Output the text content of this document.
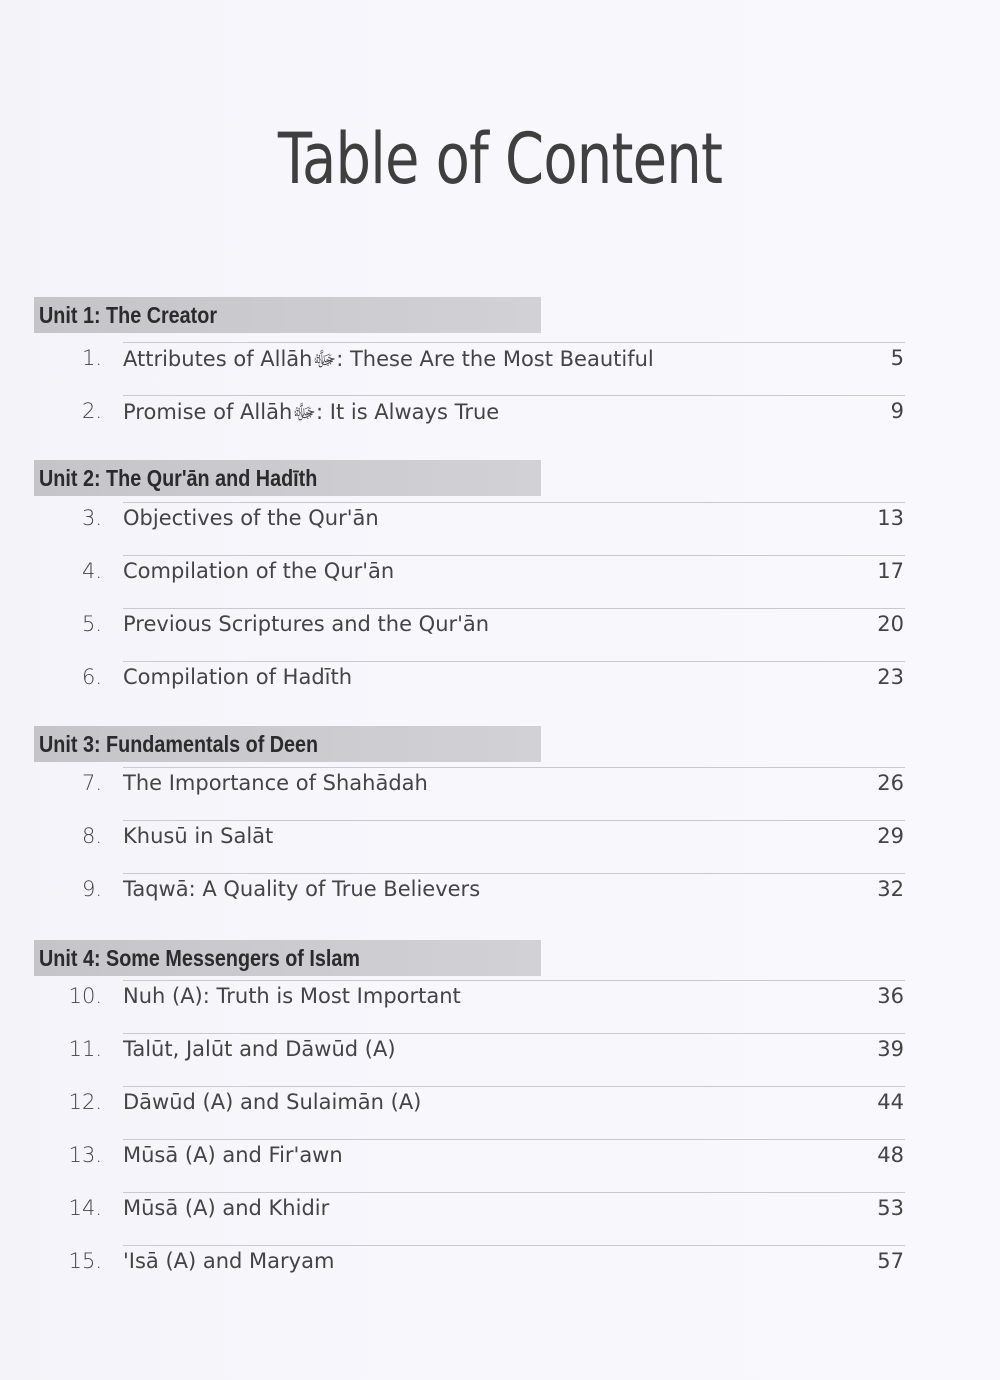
Table of Content
Unit 1: The Creator
1. Attributes of Allāhﷻ: These Are the Most Beautiful	5
2. Promise of Allāhﷻ: It is Always True	9
Unit 2: The Qur'ān and Hadīth
3. Objectives of the Qur'ān	13
4. Compilation of the Qur'ān	17
5. Previous Scriptures and the Qur'ān	20
6. Compilation of Hadīth	23
Unit 3: Fundamentals of Deen
7. The Importance of Shahādah	26
8. Khusū in Salāt	29
9. Taqwā: A Quality of True Believers	32
Unit 4: Some Messengers of Islam
10. Nuh (A): Truth is Most Important	36
11. Talūt, Jalūt and Dāwūd (A)	39
12. Dāwūd (A) and Sulaimān (A)	44
13. Mūsā (A) and Fir'awn	48
14. Mūsā (A) and Khidir	53
15. 'Isā (A) and Maryam	57
